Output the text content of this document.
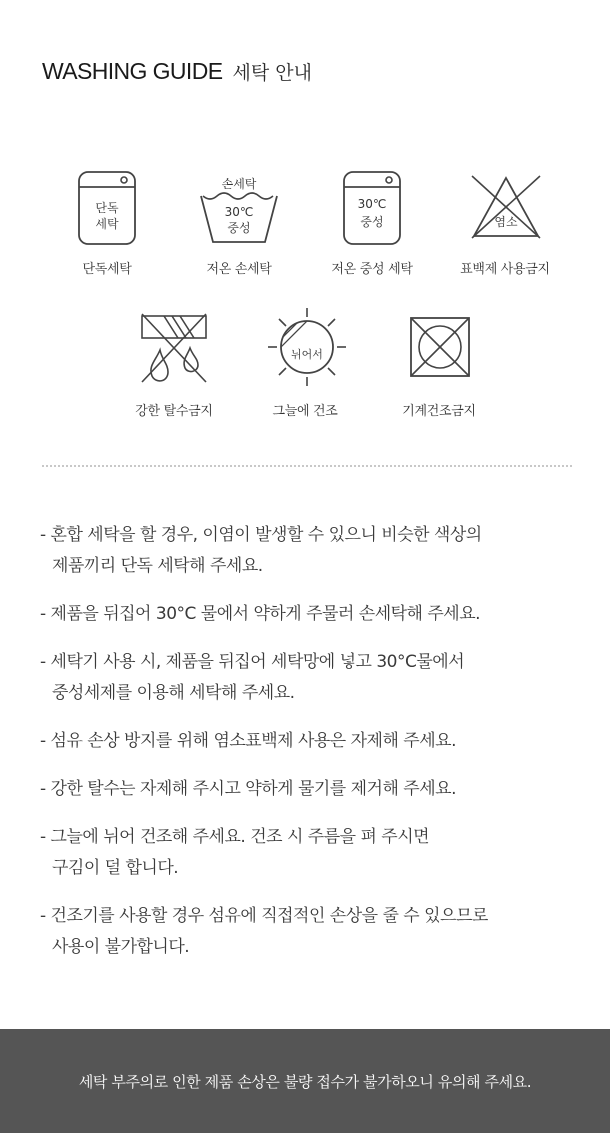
WASHING GUIDE 세탁 안내
단독
세탁
단독세탁
손세탁
30℃
중성
저온 손세탁
30℃
중성
저온 중성 세탁
염소
표백제 사용금지
강한 탈수금지
뉘어서
그늘에 건조	기계건조금지
- 혼합 세탁을 할 경우, 이염이 발생할 수 있으니 비슷한 색상의
제품끼리 단독 세탁해 주세요.
- 제품을 뒤집어 30°C 물에서 약하게 주물러 손세탁해 주세요.
- 세탁기 사용 시, 제품을 뒤집어 세탁망에 넣고 30°C물에서
중성세제를 이용해 세탁해 주세요.
- 섬유 손상 방지를 위해 염소표백제 사용은 자제해 주세요.
- 강한 탈수는 자제해 주시고 약하게 물기를 제거해 주세요.
- 그늘에 뉘어 건조해 주세요. 건조 시 주름을 펴 주시면
구김이 덜 합니다.
- 건조기를 사용할 경우 섬유에 직접적인 손상을 줄 수 있으므로
사용이 불가합니다.
세탁 부주의로 인한 제품 손상은 불량 접수가 불가하오니 유의해 주세요.
